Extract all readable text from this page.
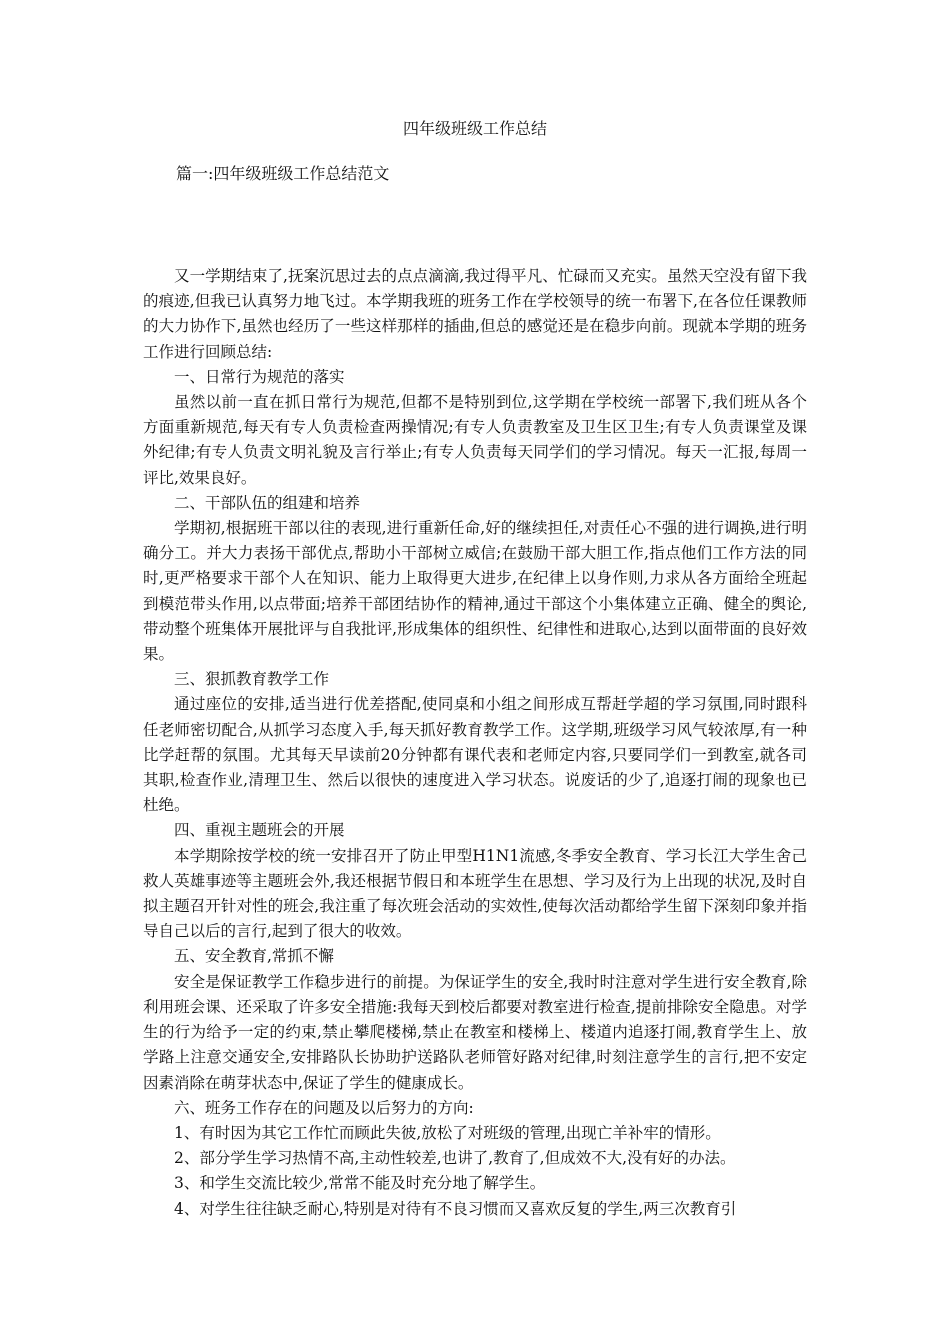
四年级班级工作总结
篇一:四年级班级工作总结范文

又一学期结束了,抚案沉思过去的点点滴滴,我过得平凡、忙碌而又充实。虽然天空没有留下我的痕迹,但我已认真努力地飞过。本学期我班的班务工作在学校领导的统一布署下,在各位任课教师的大力协作下,虽然也经历了一些这样那样的插曲,但总的感觉还是在稳步向前。现就本学期的班务工作进行回顾总结:

一、日常行为规范的落实

虽然以前一直在抓日常行为规范,但都不是特别到位,这学期在学校统一部署下,我们班从各个方面重新规范,每天有专人负责检查两操情况;有专人负责教室及卫生区卫生;有专人负责课堂及课外纪律;有专人负责文明礼貌及言行举止;有专人负责每天同学们的学习情况。每天一汇报,每周一评比,效果良好。

二、干部队伍的组建和培养

学期初,根据班干部以往的表现,进行重新任命,好的继续担任,对责任心不强的进行调换,进行明确分工。并大力表扬干部优点,帮助小干部树立威信;在鼓励干部大胆工作,指点他们工作方法的同时,更严格要求干部个人在知识、能力上取得更大进步,在纪律上以身作则,力求从各方面给全班起到模范带头作用,以点带面;培养干部团结协作的精神,通过干部这个小集体建立正确、健全的舆论,带动整个班集体开展批评与自我批评,形成集体的组织性、纪律性和进取心,达到以面带面的良好效果。

三、狠抓教育教学工作

通过座位的安排,适当进行优差搭配,使同桌和小组之间形成互帮赶学超的学习氛围,同时跟科任老师密切配合,从抓学习态度入手,每天抓好教育教学工作。这学期,班级学习风气较浓厚,有一种比学赶帮的氛围。尤其每天早读前20分钟都有课代表和老师定内容,只要同学们一到教室,就各司其职,检查作业,清理卫生、然后以很快的速度进入学习状态。说废话的少了,追逐打闹的现象也已杜绝。

四、重视主题班会的开展

本学期除按学校的统一安排召开了防止甲型H1N1流感,冬季安全教育、学习长江大学生舍己救人英雄事迹等主题班会外,我还根据节假日和本班学生在思想、学习及行为上出现的状况,及时自拟主题召开针对性的班会,我注重了每次班会活动的实效性,使每次活动都给学生留下深刻印象并指导自己以后的言行,起到了很大的收效。

五、安全教育,常抓不懈

安全是保证教学工作稳步进行的前提。为保证学生的安全,我时时注意对学生进行安全教育,除利用班会课、还采取了许多安全措施:我每天到校后都要对教室进行检查,提前排除安全隐患。对学生的行为给予一定的约束,禁止攀爬楼梯,禁止在教室和楼梯上、楼道内追逐打闹,教育学生上、放学路上注意交通安全,安排路队长协助护送路队老师管好路对纪律,时刻注意学生的言行,把不安定因素消除在萌芽状态中,保证了学生的健康成长。

六、班务工作存在的问题及以后努力的方向:

1、有时因为其它工作忙而顾此失彼,放松了对班级的管理,出现亡羊补牢的情形。

2、部分学生学习热情不高,主动性较差,也讲了,教育了,但成效不大,没有好的办法。

3、和学生交流比较少,常常不能及时充分地了解学生。

4、对学生往往缺乏耐心,特别是对待有不良习惯而又喜欢反复的学生,两三次教育引
